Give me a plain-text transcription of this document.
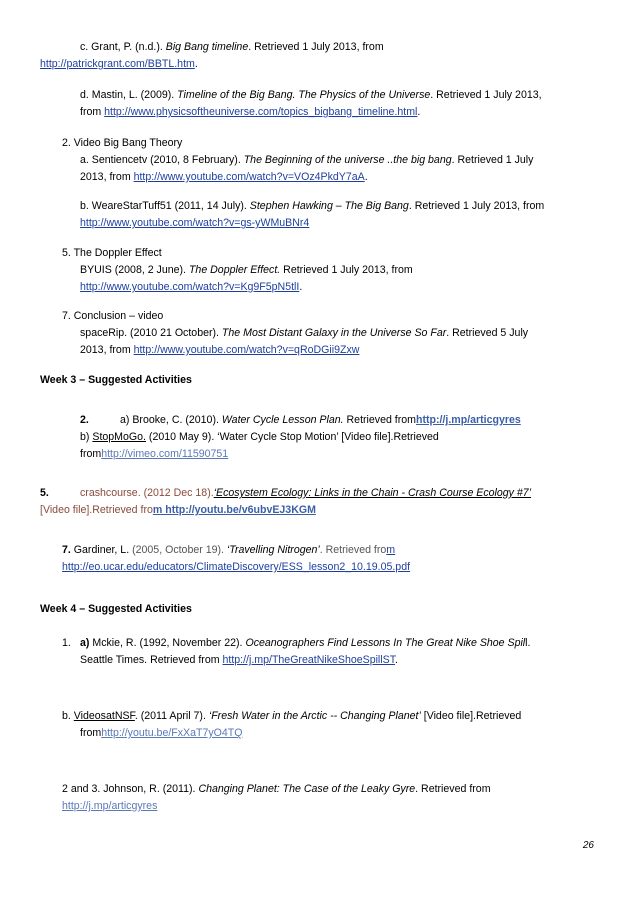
c. Grant, P. (n.d.). Big Bang timeline. Retrieved 1 July 2013, from
http://patrickgrant.com/BBTL.htm.
d. Mastin, L. (2009). Timeline of the Big Bang. The Physics of the Universe. Retrieved 1 July 2013,
from http://www.physicsoftheuniverse.com/topics_bigbang_timeline.html.
2. Video Big Bang Theory
a. Sentiencetv (2010, 8 February). The Beginning of the universe ..the big bang. Retrieved 1 July
2013, from http://www.youtube.com/watch?v=VOz4PkdY7aA.
b. WeareStarTuff51 (2011, 14 July). Stephen Hawking – The Big Bang. Retrieved 1 July 2013, from
http://www.youtube.com/watch?v=gs-yWMuBNr4
5. The Doppler Effect
BYUIS (2008, 2 June). The Doppler Effect. Retrieved 1 July 2013, from
http://www.youtube.com/watch?v=Kg9F5pN5tlI.
7. Conclusion – video
spaceRip. (2010 21 October). The Most Distant Galaxy in the Universe So Far. Retrieved 5 July
2013, from http://www.youtube.com/watch?v=qRoDGii9Zxw
Week 3 – Suggested Activities
2.	a) Brooke, C. (2010). Water Cycle Lesson Plan. Retrieved fromhttp://j.mp/articgyres
b) StopMoGo. (2010 May 9). ‘Water Cycle Stop Motion’ [Video file].Retrieved
fromhttp://vimeo.com/11590751
5.	crashcourse. (2012 Dec 18).‘Ecosystem Ecology: Links in the Chain - Crash Course Ecology #7’
[Video file].Retrieved from http://youtu.be/v6ubvEJ3KGM
7. Gardiner, L. (2005, October 19). ‘Travelling Nitrogen’. Retrieved from
http://eo.ucar.edu/educators/ClimateDiscovery/ESS_lesson2_10.19.05.pdf
Week 4 – Suggested Activities
1. a) Mckie, R. (1992, November 22). Oceanographers Find Lessons In The Great Nike Shoe Spill.
Seattle Times. Retrieved from http://j.mp/TheGreatNikeShoeSpillST.
b. VideosatNSF. (2011 April 7). ‘Fresh Water in the Arctic -- Changing Planet’ [Video file].Retrieved
fromhttp://youtu.be/FxXaT7yO4TQ
2 and 3. Johnson, R. (2011). Changing Planet: The Case of the Leaky Gyre. Retrieved from
http://j.mp/articgyres
26
